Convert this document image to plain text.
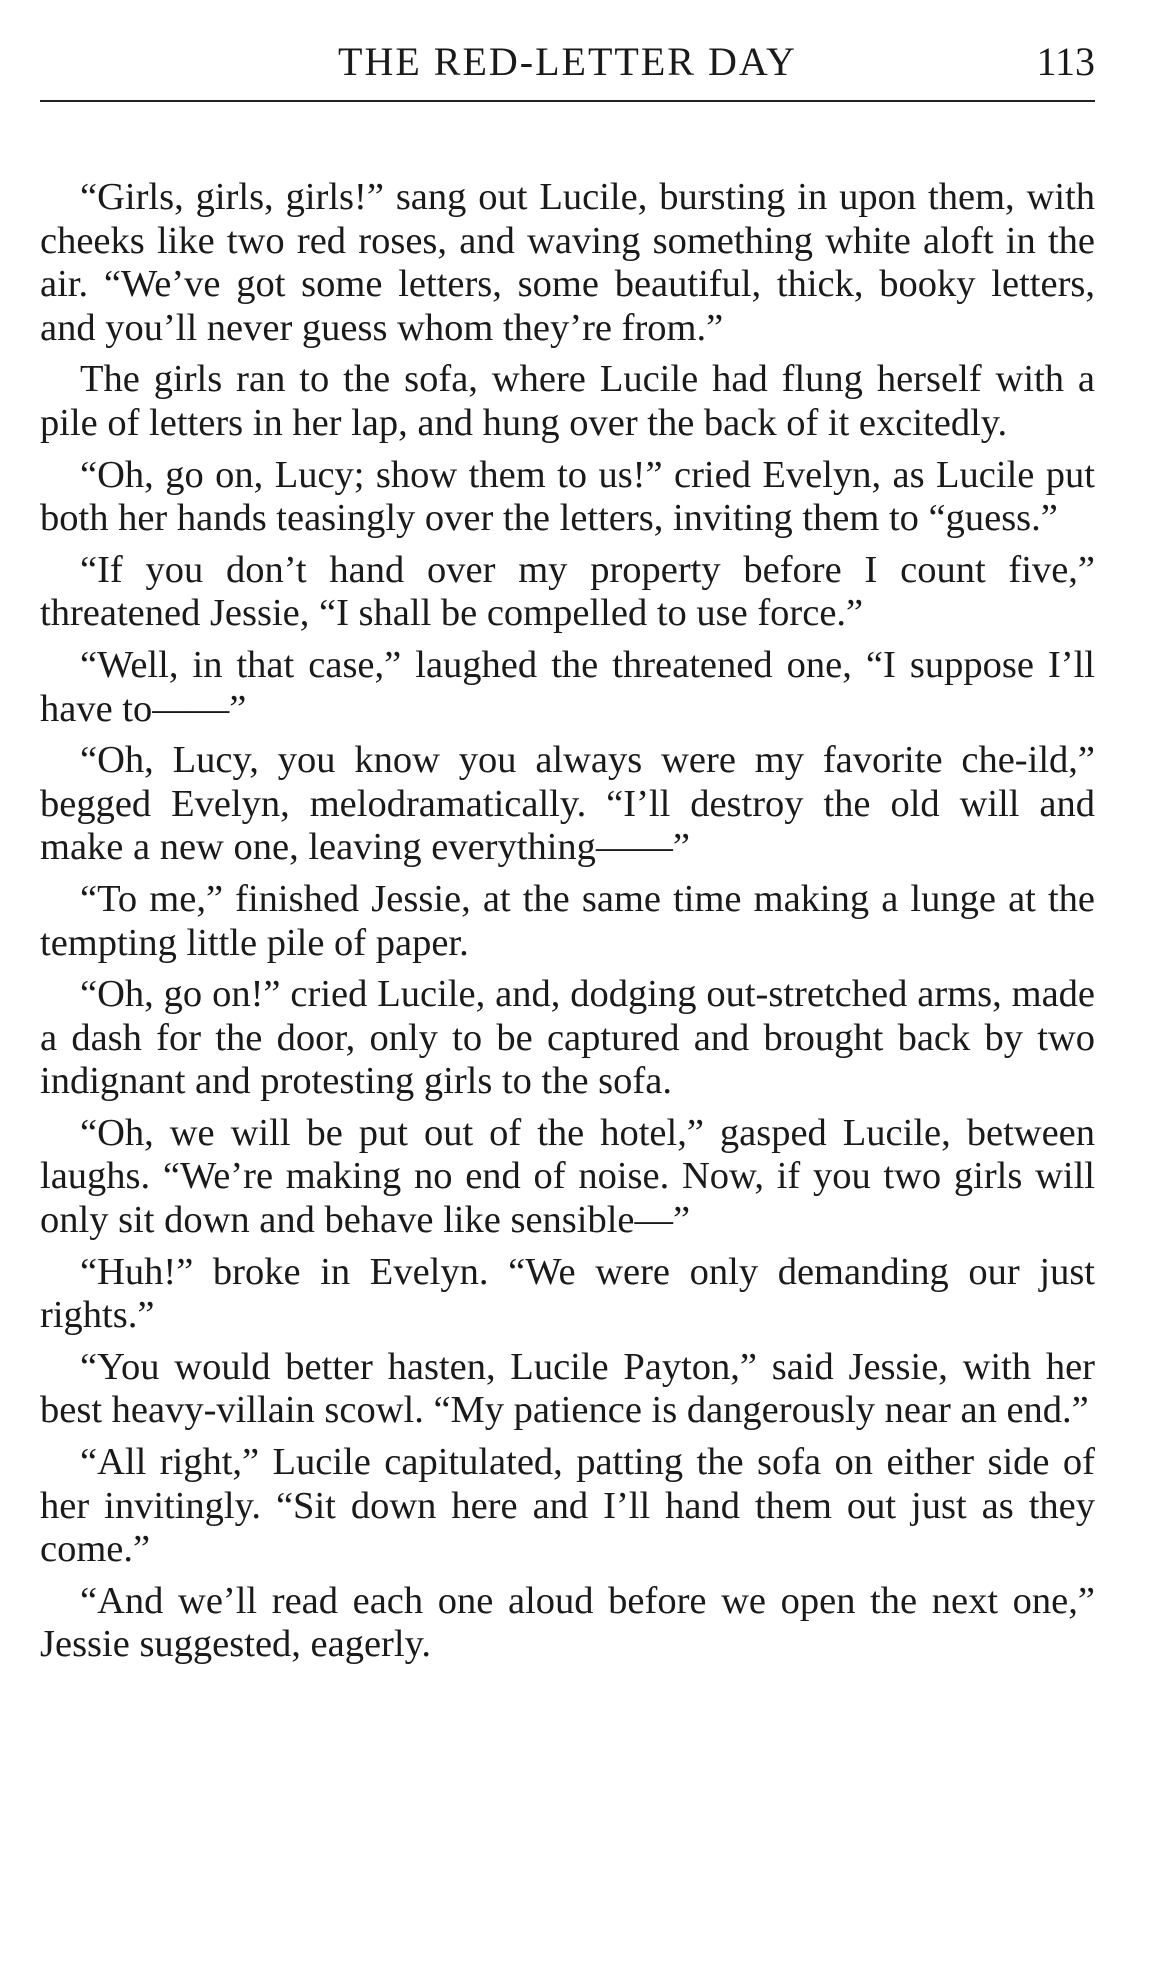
THE RED-LETTER DAY	113

“Girls, girls, girls!” sang out Lucile, bursting in upon them, with cheeks like two red roses, and waving something white aloft in the air. “We’ve got some letters, some beautiful, thick, booky letters, and you’ll never guess whom they’re from.”

The girls ran to the sofa, where Lucile had flung herself with a pile of letters in her lap, and hung over the back of it excitedly.

“Oh, go on, Lucy; show them to us!” cried Evelyn, as Lucile put both her hands teasingly over the letters, inviting them to “guess.”

“If you don’t hand over my property before I count five,” threatened Jessie, “I shall be compelled to use force.”

“Well, in that case,” laughed the threatened one, “I suppose I’ll have to——”

“Oh, Lucy, you know you always were my favorite che-ild,” begged Evelyn, melodramatically. “I’ll destroy the old will and make a new one, leaving everything——”

“To me,” finished Jessie, at the same time making a lunge at the tempting little pile of paper.

“Oh, go on!” cried Lucile, and, dodging out-stretched arms, made a dash for the door, only to be captured and brought back by two indignant and protesting girls to the sofa.

“Oh, we will be put out of the hotel,” gasped Lucile, between laughs. “We’re making no end of noise. Now, if you two girls will only sit down and behave like sensible—”

“Huh!” broke in Evelyn. “We were only demanding our just rights.”

“You would better hasten, Lucile Payton,” said Jessie, with her best heavy-villain scowl. “My patience is dangerously near an end.”

“All right,” Lucile capitulated, patting the sofa on either side of her invitingly. “Sit down here and I’ll hand them out just as they come.”

“And we’ll read each one aloud before we open the next one,” Jessie suggested, eagerly.
